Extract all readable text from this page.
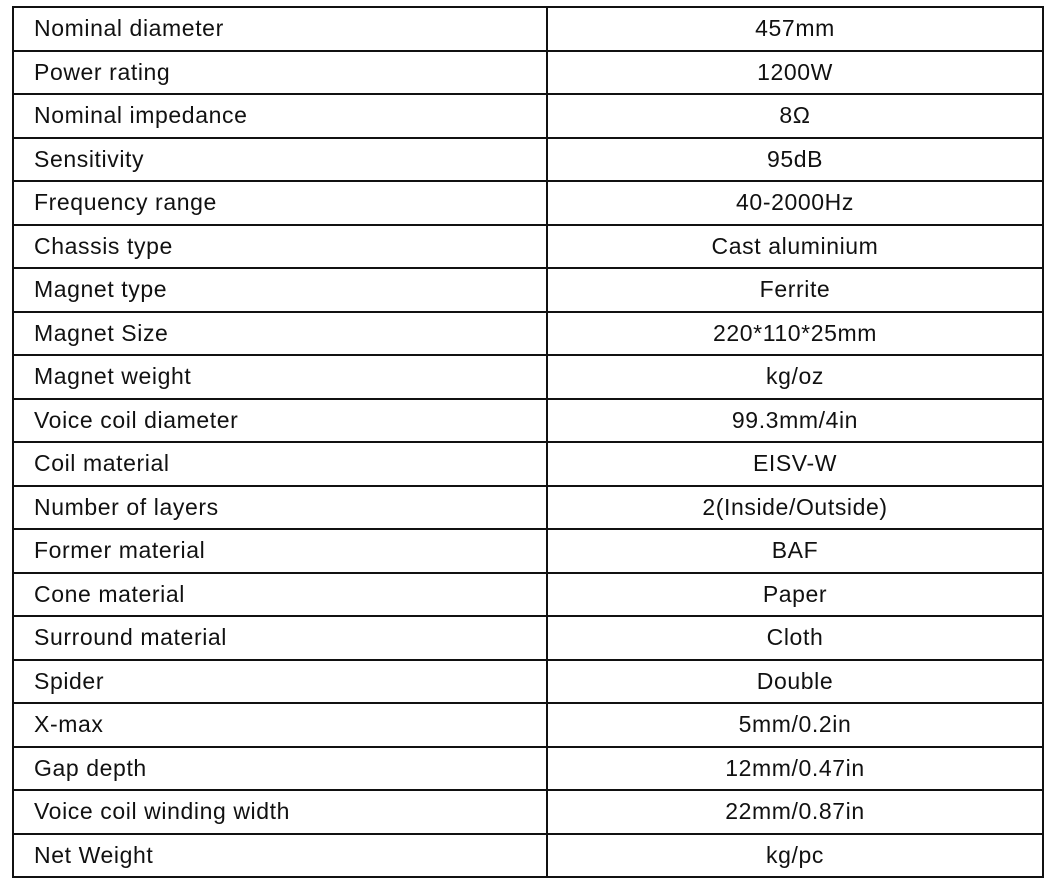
Nominal diameter	457mm
Power rating	1200W
Nominal impedance	8Ω
Sensitivity	95dB
Frequency range	40-2000Hz
Chassis type	Cast aluminium
Magnet type	Ferrite
Magnet Size	220*110*25mm
Magnet weight	kg/oz
Voice coil diameter	99.3mm/4in
Coil material	EISV-W
Number of layers	2(Inside/Outside)
Former material	BAF
Cone material	Paper
Surround material	Cloth
Spider	Double
X-max	5mm/0.2in
Gap depth	12mm/0.47in
Voice coil winding width	22mm/0.87in
Net Weight	kg/pc
